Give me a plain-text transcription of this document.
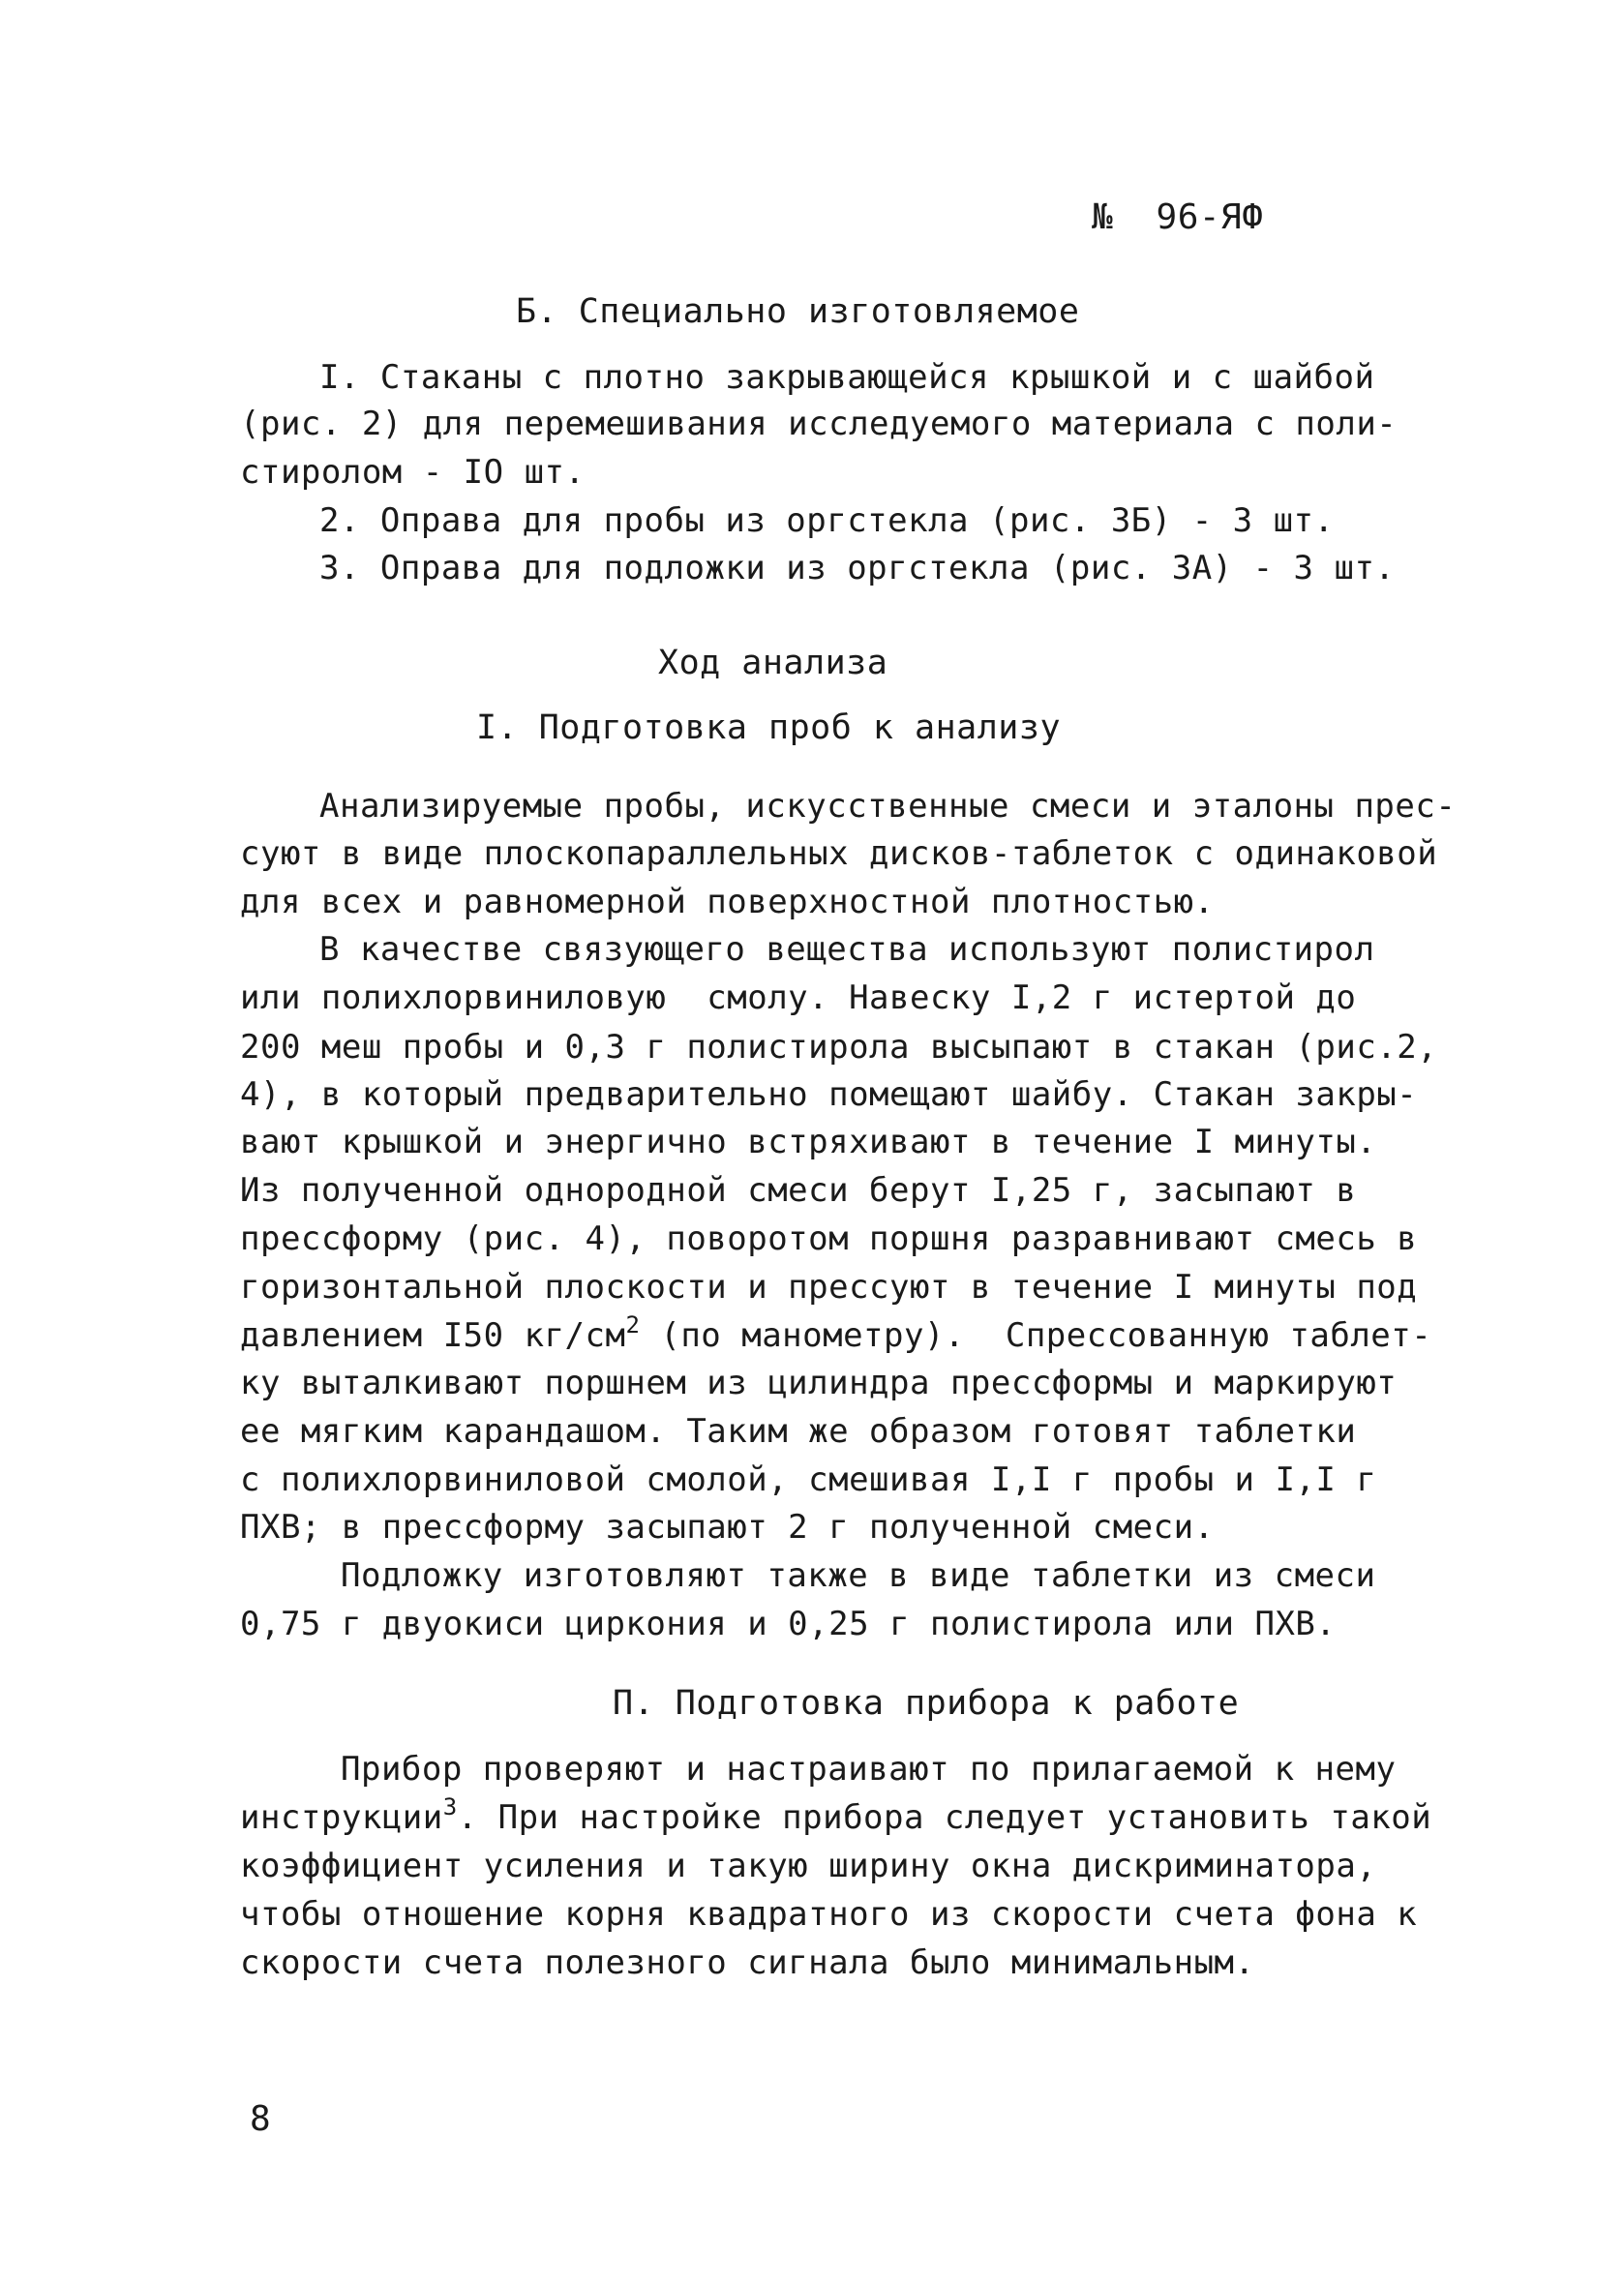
№  96-ЯФ
Б. Специально изготовляемое
I. Стаканы с плотно закрывающейся крышкой и с шайбой
(рис. 2) для перемешивания исследуемого материала с поли-
стиролом - IO шт.
2. Оправа для пробы из оргстекла (рис. 3Б) - 3 шт.
3. Оправа для подложки из оргстекла (рис. 3А) - 3 шт.
Ход анализа
I. Подготовка проб к анализу
Анализируемые пробы, искусственные смеси и эталоны прес-
суют в виде плоскопараллельных дисков-таблеток с одинаковой
для всех и равномерной поверхностной плотностью.
В качестве связующего вещества используют полистирол
или полихлорвиниловую  смолу. Навеску I,2 г истертой до
200 меш пробы и 0,3 г полистирола высыпают в стакан (рис.2,
4), в который предварительно помещают шайбу. Стакан закры-
вают крышкой и энергично встряхивают в течение I минуты.
Из полученной однородной смеси берут I,25 г, засыпают в
прессформу (рис. 4), поворотом поршня разравнивают смесь в
горизонтальной плоскости и прессуют в течение I минуты под
давлением I50 $кг/см^2$ (по манометру).  Спрессованную таблет-
ку выталкивают поршнем из цилиндра прессформы и маркируют
ее мягким карандашом. Таким же образом готовят таблетки
с полихлорвиниловой смолой, смешивая I,I г пробы и I,I г
ПХВ; в прессформу засыпают 2 г полученной смеси.
Подложку изготовляют также в виде таблетки из смеси
0,75 г двуокиси циркония и 0,25 г полистирола или ПХВ.
П. Подготовка прибора к работе
Прибор проверяют и настраивают по прилагаемой к нему
инструкции$^3$. При настройке прибора следует установить такой
коэффициент усиления и такую ширину окна дискриминатора,
чтобы отношение корня квадратного из скорости счета фона к
скорости счета полезного сигнала было минимальным.
8
